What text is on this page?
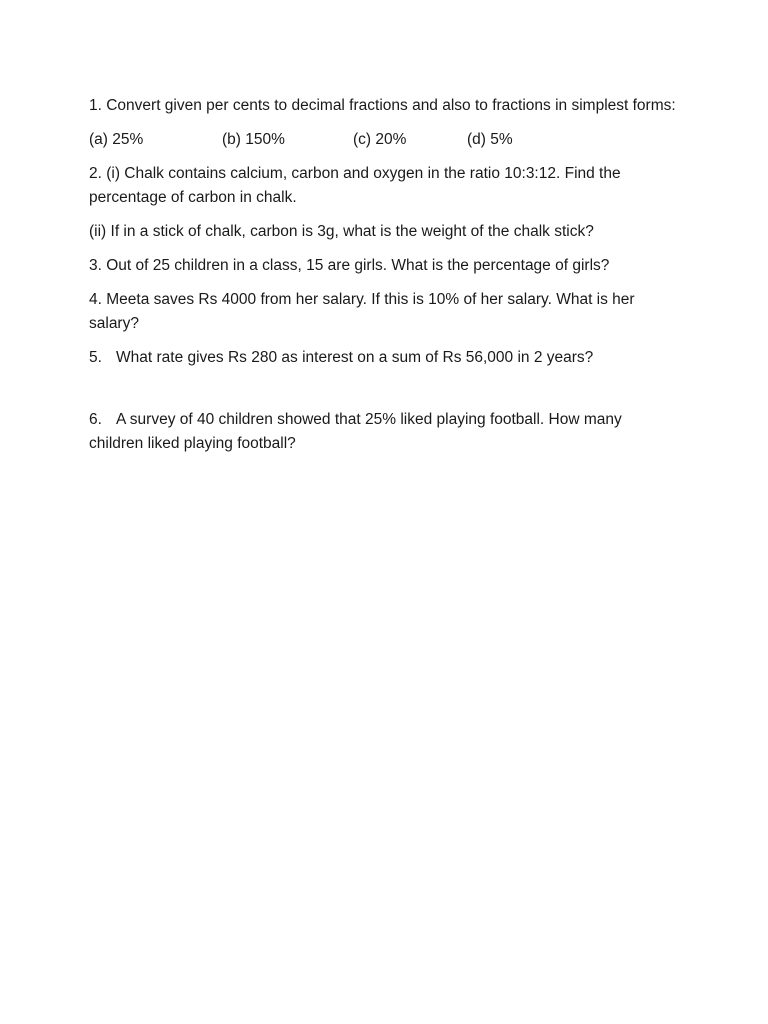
1. Convert given per cents to decimal fractions and also to fractions in simplest forms:

(a) 25%	(b) 150%	(c) 20%	(d) 5%

2. (i) Chalk contains calcium, carbon and oxygen in the ratio 10:3:12. Find the percentage of carbon in chalk.

(ii) If in a stick of chalk, carbon is 3g, what is the weight of the chalk stick?

3. Out of 25 children in a class, 15 are girls. What is the percentage of girls?

4. Meeta saves Rs 4000 from her salary. If this is 10% of her salary. What is her salary?

5. What rate gives Rs 280 as interest on a sum of Rs 56,000 in 2 years?

6. A survey of 40 children showed that 25% liked playing football. How many children liked playing football?
